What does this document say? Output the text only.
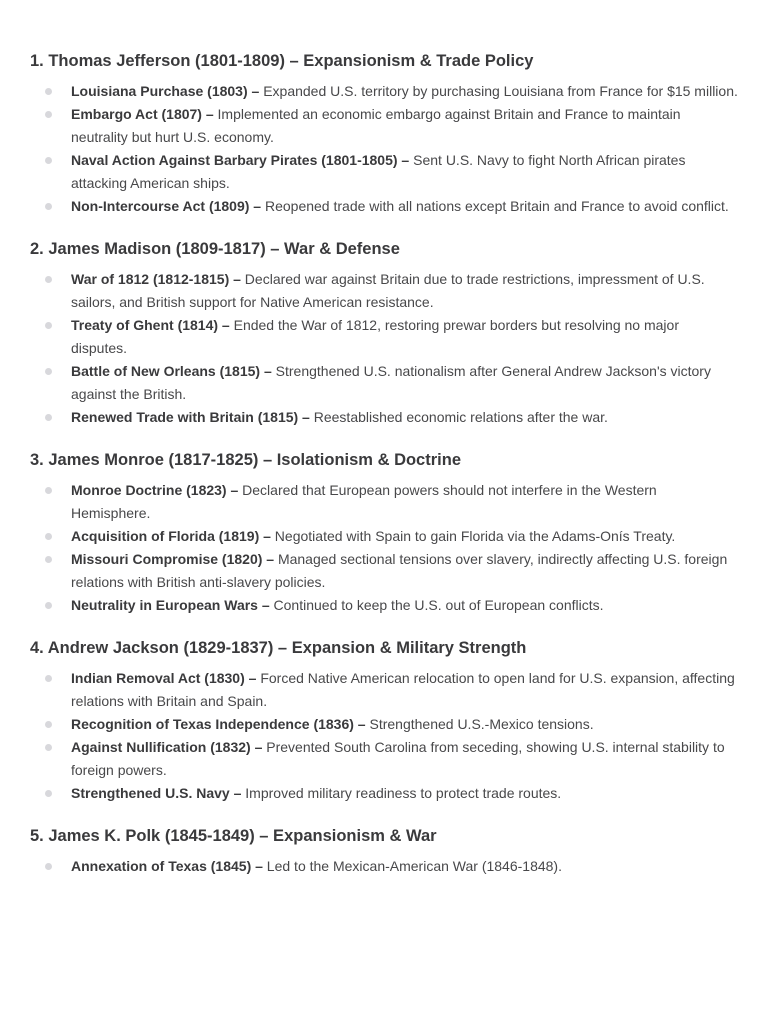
1. Thomas Jefferson (1801-1809) – Expansionism & Trade Policy
Louisiana Purchase (1803) – Expanded U.S. territory by purchasing Louisiana from France for $15 million.
Embargo Act (1807) – Implemented an economic embargo against Britain and France to maintain neutrality but hurt U.S. economy.
Naval Action Against Barbary Pirates (1801-1805) – Sent U.S. Navy to fight North African pirates attacking American ships.
Non-Intercourse Act (1809) – Reopened trade with all nations except Britain and France to avoid conflict.
2. James Madison (1809-1817) – War & Defense
War of 1812 (1812-1815) – Declared war against Britain due to trade restrictions, impressment of U.S. sailors, and British support for Native American resistance.
Treaty of Ghent (1814) – Ended the War of 1812, restoring prewar borders but resolving no major disputes.
Battle of New Orleans (1815) – Strengthened U.S. nationalism after General Andrew Jackson's victory against the British.
Renewed Trade with Britain (1815) – Reestablished economic relations after the war.
3. James Monroe (1817-1825) – Isolationism & Doctrine
Monroe Doctrine (1823) – Declared that European powers should not interfere in the Western Hemisphere.
Acquisition of Florida (1819) – Negotiated with Spain to gain Florida via the Adams-Onís Treaty.
Missouri Compromise (1820) – Managed sectional tensions over slavery, indirectly affecting U.S. foreign relations with British anti-slavery policies.
Neutrality in European Wars – Continued to keep the U.S. out of European conflicts.
4. Andrew Jackson (1829-1837) – Expansion & Military Strength
Indian Removal Act (1830) – Forced Native American relocation to open land for U.S. expansion, affecting relations with Britain and Spain.
Recognition of Texas Independence (1836) – Strengthened U.S.-Mexico tensions.
Against Nullification (1832) – Prevented South Carolina from seceding, showing U.S. internal stability to foreign powers.
Strengthened U.S. Navy – Improved military readiness to protect trade routes.
5. James K. Polk (1845-1849) – Expansionism & War
Annexation of Texas (1845) – Led to the Mexican-American War (1846-1848).
